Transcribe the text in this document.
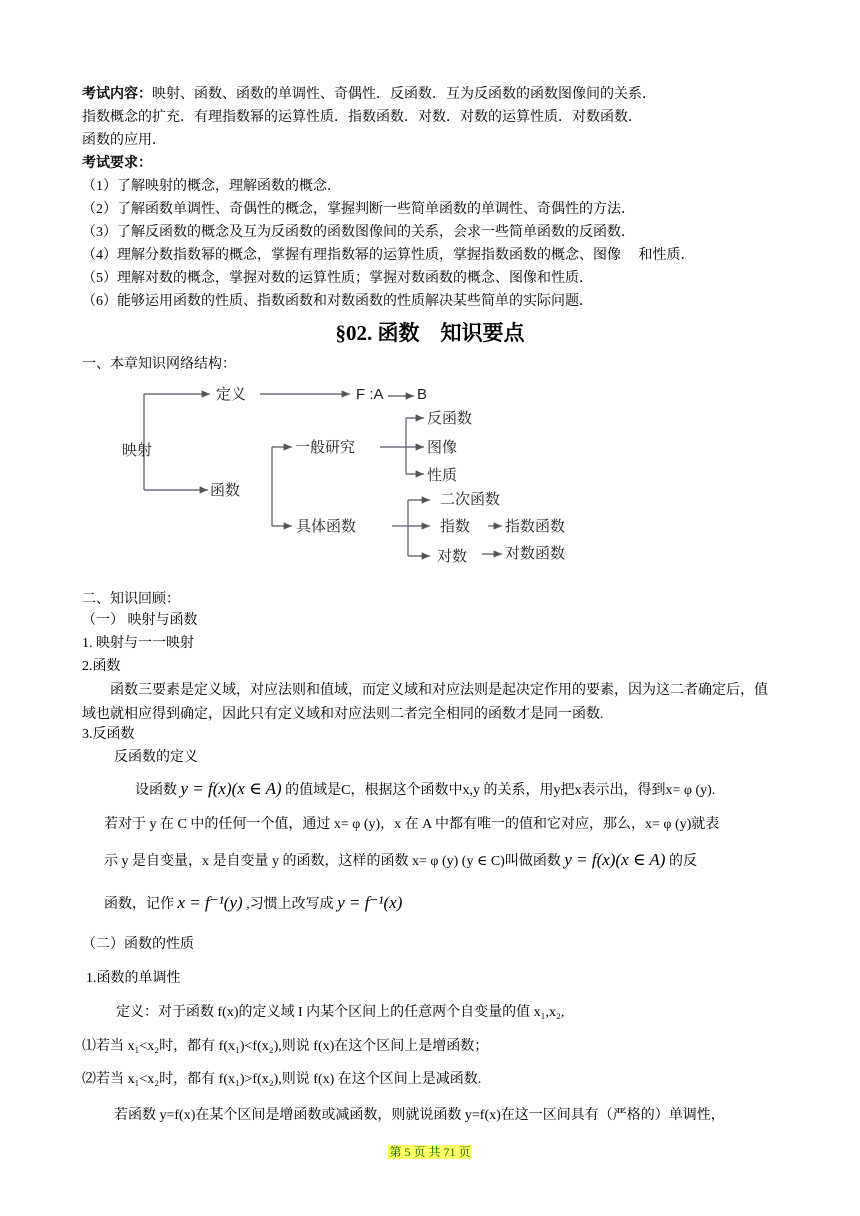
考试内容：映射、函数、函数的单调性、奇偶性．反函数．互为反函数的函数图像间的关系．
指数概念的扩充．有理指数幂的运算性质．指数函数．对数．对数的运算性质．对数函数．
函数的应用．
考试要求：
（1）了解映射的概念，理解函数的概念．
（2）了解函数单调性、奇偶性的概念，掌握判断一些简单函数的单调性、奇偶性的方法．
（3）了解反函数的概念及互为反函数的函数图像间的关系，会求一些简单函数的反函数．
（4）理解分数指数幂的概念，掌握有理指数幂的运算性质，掌握指数函数的概念、图像　 和性质．
（5）理解对数的概念，掌握对数的运算性质；掌握对数函数的概念、图像和性质．
（6）能够运用函数的性质、指数函数和对数函数的性质解决某些简单的实际问题．
§02. 函数　知识要点
一、本章知识网络结构：
映射
定义	F :A B
函数
一般研究
反函数
图像
性质
具体函数
二次函数
指数 指数函数
对数	对数函数
二、知识回顾：
（一） 映射与函数
1. 映射与一一映射
2.函数
函数三要素是定义域，对应法则和值域，而定义域和对应法则是起决定作用的要素，因为这二者确定后，值域也就相应得到确定，因此只有定义域和对应法则二者完全相同的函数才是同一函数.
3.反函数
反函数的定义
设函数 y = f(x)(x ∈ A) 的值域是C，根据这个函数中x,y 的关系，用y把x表示出，得到x= φ (y).
若对于 y 在 C 中的任何一个值，通过 x= φ (y)，x 在 A 中都有唯一的值和它对应，那么，x= φ (y)就表
示 y 是自变量，x 是自变量 y 的函数，这样的函数 x= φ (y) (y ∈ C)叫做函数 y = f(x)(x ∈ A) 的反
函数，记作 x = f⁻¹(y) ,习惯上改写成 y = f⁻¹(x)
（二）函数的性质
1.函数的单调性
定义：对于函数 f(x)的定义域 I 内某个区间上的任意两个自变量的值 x₁,x₂,
⑴若当 x₁<x₂时，都有 f(x₁)<f(x₂),则说 f(x)在这个区间上是增函数；
⑵若当 x₁<x₂时，都有 f(x₁)>f(x₂),则说 f(x) 在这个区间上是减函数.
若函数 y=f(x)在某个区间是增函数或减函数，则就说函数 y=f(x)在这一区间具有（严格的）单调性，
第 5 页 共 71 页
